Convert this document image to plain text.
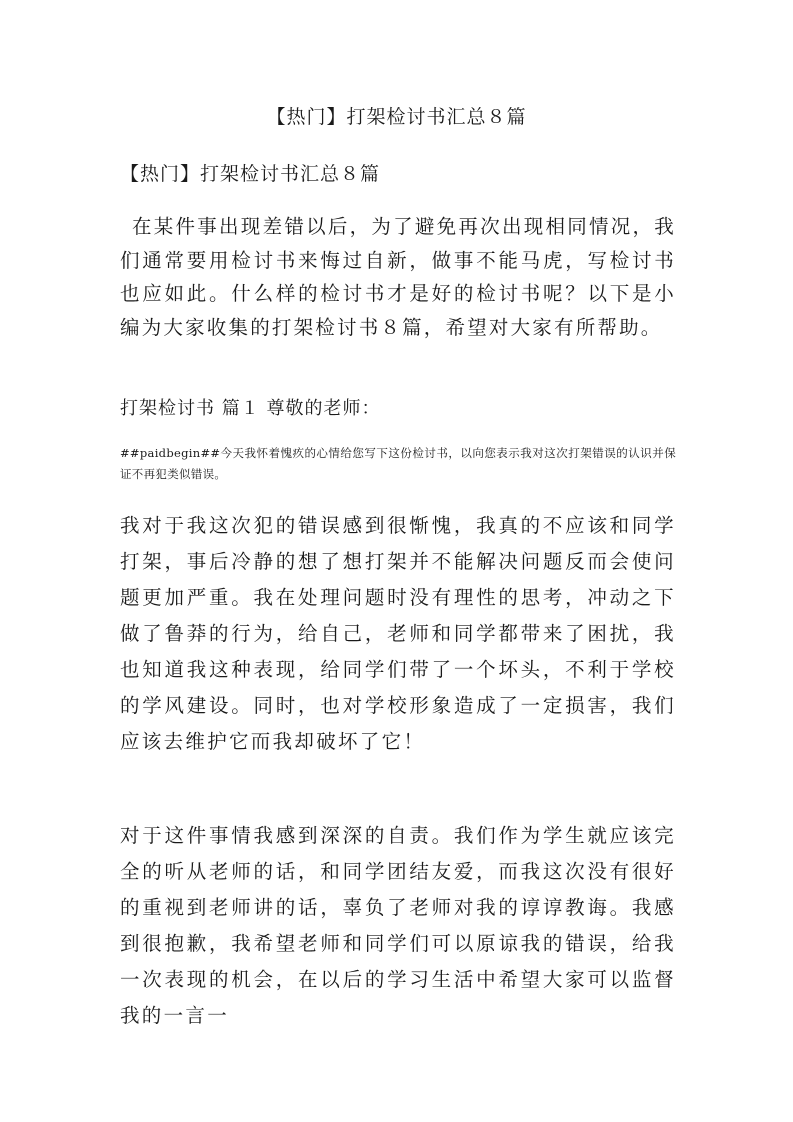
【热门】打架检讨书汇总８篇
【热门】打架检讨书汇总８篇

在某件事出现差错以后，为了避免再次出现相同情况，我们通常要用检讨书来悔过自新，做事不能马虎，写检讨书也应如此。什么样的检讨书才是好的检讨书呢？以下是小编为大家收集的打架检讨书８篇，希望对大家有所帮助。

打架检讨书 篇１ 尊敬的老师：

##paidbegin##今天我怀着愧疚的心情给您写下这份检讨书，以向您表示我对这次打架错误的认识并保证不再犯类似错误。

我对于我这次犯的错误感到很惭愧，我真的不应该和同学打架，事后冷静的想了想打架并不能解决问题反而会使问题更加严重。我在处理问题时没有理性的思考，冲动之下做了鲁莽的行为，给自己，老师和同学都带来了困扰，我也知道我这种表现，给同学们带了一个坏头，不利于学校的学风建设。同时，也对学校形象造成了一定损害，我们应该去维护它而我却破坏了它！

对于这件事情我感到深深的自责。我们作为学生就应该完全的听从老师的话，和同学团结友爱，而我这次没有很好的重视到老师讲的话，辜负了老师对我的谆谆教诲。我感到很抱歉，我希望老师和同学们可以原谅我的错误，给我一次表现的机会，在以后的学习生活中希望大家可以监督我的一言一
